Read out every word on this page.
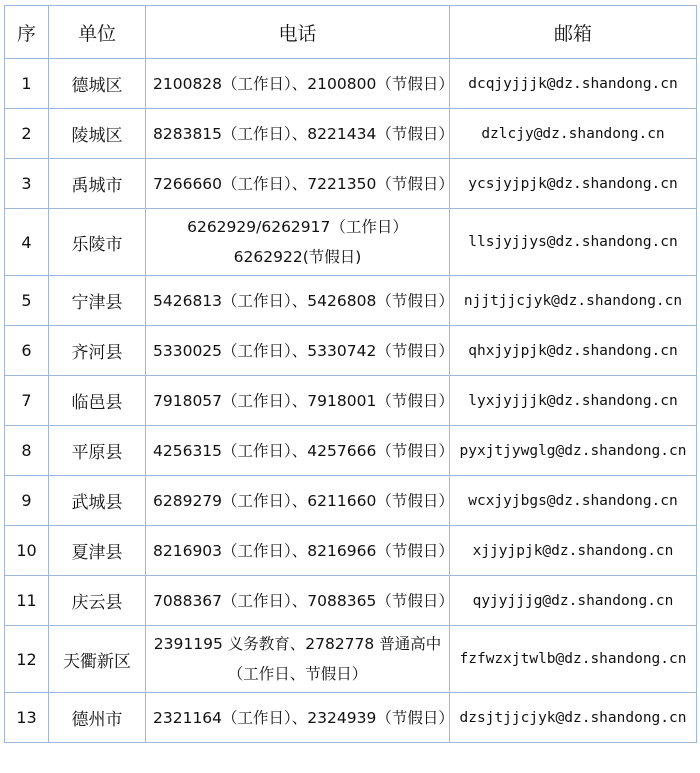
序	单位	电话	邮箱
1	德城区	2100828（工作日）、2100800（节假日）	dcqjyjjjk@dz.shandong.cn
2	陵城区	8283815（工作日）、8221434（节假日）	dzlcjy@dz.shandong.cn
3	禹城市	7266660（工作日）、7221350（节假日）	ycsjyjpjk@dz.shandong.cn
4	乐陵市	6262929/6262917（工作日）
6262922(节假日)	llsjyjjys@dz.shandong.cn
5	宁津县	5426813（工作日）、5426808（节假日）	njjtjjcjyk@dz.shandong.cn
6	齐河县	5330025（工作日）、5330742（节假日）	qhxjyjpjk@dz.shandong.cn
7	临邑县	7918057（工作日）、7918001（节假日）	lyxjyjjjk@dz.shandong.cn
8	平原县	4256315（工作日）、4257666（节假日）	pyxjtjywglg@dz.shandong.cn
9	武城县	6289279（工作日）、6211660（节假日）	wcxjyjbgs@dz.shandong.cn
10	夏津县	8216903（工作日）、8216966（节假日）	xjjyjpjk@dz.shandong.cn
11	庆云县	7088367（工作日）、7088365（节假日）	qyjyjjjg@dz.shandong.cn
12	天衢新区	2391195 义务教育、2782778 普通高中
（工作日、节假日）	fzfwzxjtwlb@dz.shandong.cn
13	德州市	2321164（工作日）、2324939（节假日）	dzsjtjjcjyk@dz.shandong.cn
